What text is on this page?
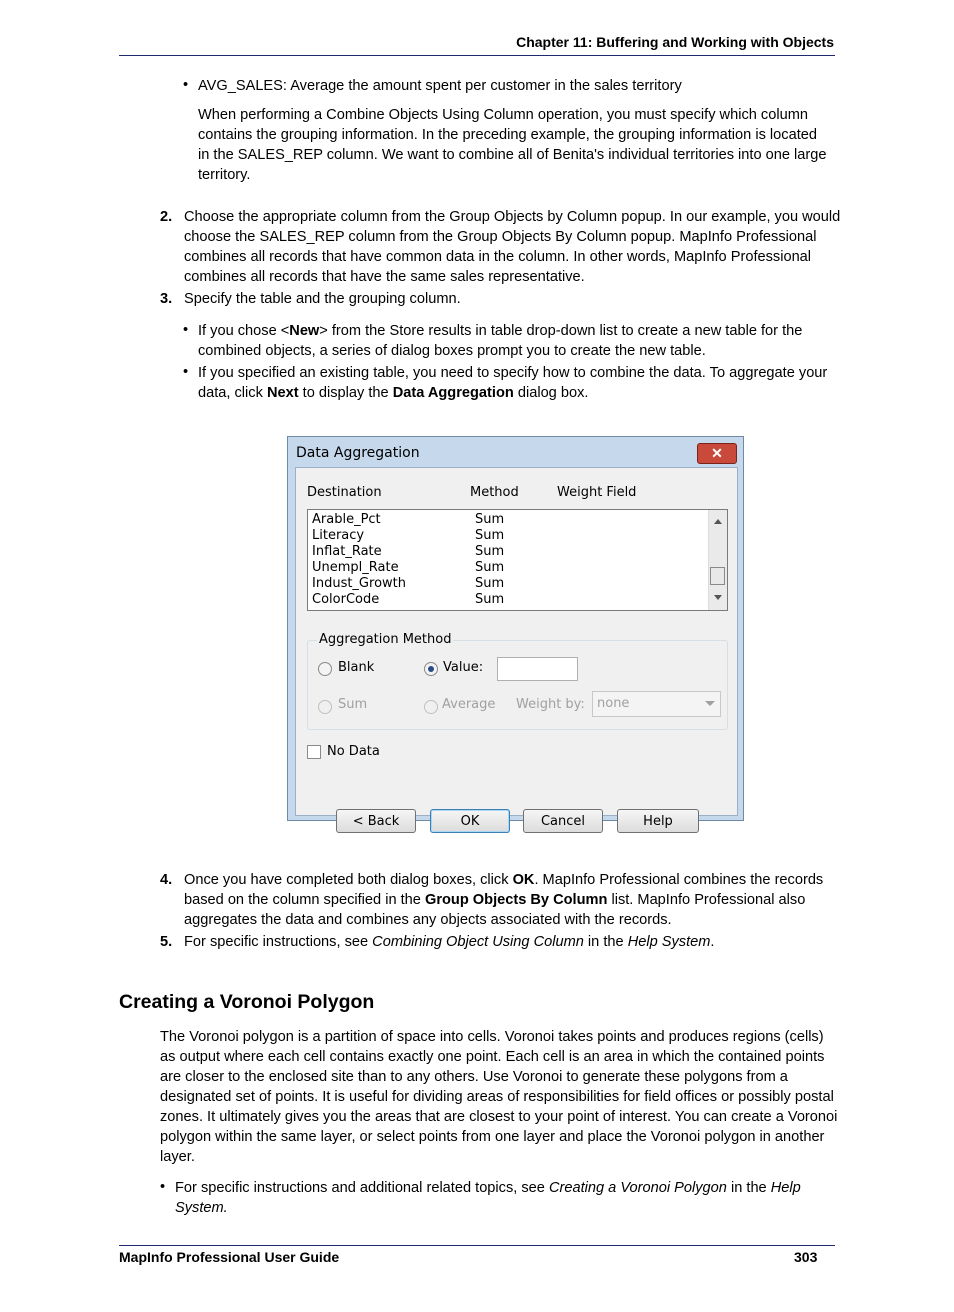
Chapter 11: Buffering and Working with Objects
• AVG_SALES: Average the amount spent per customer in the sales territory
When performing a Combine Objects Using Column operation, you must specify which column
contains the grouping information. In the preceding example, the grouping information is located
in the SALES_REP column. We want to combine all of Benita's individual territories into one large
territory.
2. Choose the appropriate column from the Group Objects by Column popup. In our example, you would
choose the SALES_REP column from the Group Objects By Column popup. MapInfo Professional
combines all records that have common data in the column. In other words, MapInfo Professional
combines all records that have the same sales representative.
3. Specify the table and the grouping column.
• If you chose <New> from the Store results in table drop-down list to create a new table for the
combined objects, a series of dialog boxes prompt you to create the new table.
• If you specified an existing table, you need to specify how to combine the data. To aggregate your
data, click Next to display the Data Aggregation dialog box.
Data Aggregation	✕
Destination	Method	Weight Field
Arable_Pct	Sum
Literacy	Sum
Inflat_Rate	Sum
Unempl_Rate	Sum
Indust_Growth	Sum
ColorCode	Sum
Aggregation Method
Blank	Value:
Sum	Average Weight by: none
No Data
< Back	OK	Cancel	Help
4. Once you have completed both dialog boxes, click OK. MapInfo Professional combines the records
based on the column specified in the Group Objects By Column list. MapInfo Professional also
aggregates the data and combines any objects associated with the records.
5. For specific instructions, see Combining Object Using Column in the Help System.
Creating a Voronoi Polygon
The Voronoi polygon is a partition of space into cells. Voronoi takes points and produces regions (cells)
as output where each cell contains exactly one point. Each cell is an area in which the contained points
are closer to the enclosed site than to any others. Use Voronoi to generate these polygons from a
designated set of points. It is useful for dividing areas of responsibilities for field offices or possibly postal
zones. It ultimately gives you the areas that are closest to your point of interest. You can create a Voronoi
polygon within the same layer, or select points from one layer and place the Voronoi polygon in another
layer.
• For specific instructions and additional related topics, see Creating a Voronoi Polygon in the Help
System.
MapInfo Professional User Guide	303
